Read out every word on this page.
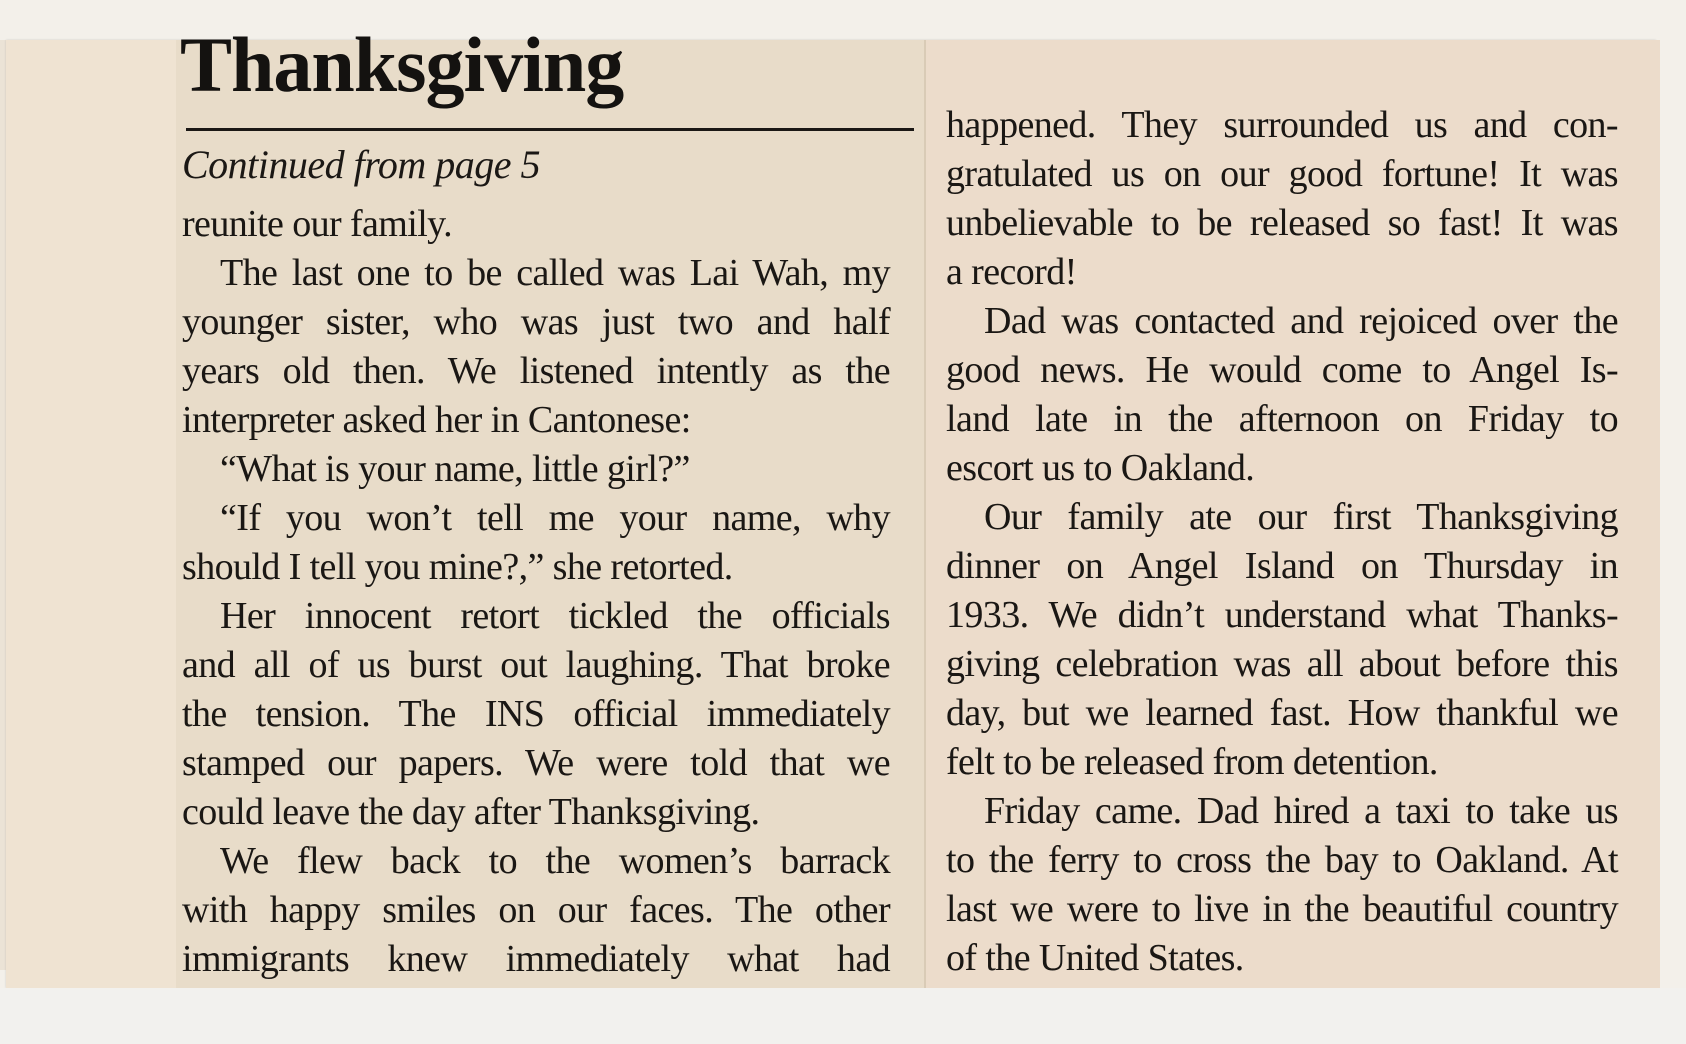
Thanksgiving
Continued from page 5
reunite our family.
The last one to be called was Lai Wah, my
younger sister, who was just two and half
years old then. We listened intently as the
interpreter asked her in Cantonese:
“What is your name, little girl?”
“If you won’t tell me your name, why
should I tell you mine?,” she retorted.
Her innocent retort tickled the officials
and all of us burst out laughing. That broke
the tension. The INS official immediately
stamped our papers. We were told that we
could leave the day after Thanksgiving.
We flew back to the women’s barrack
with happy smiles on our faces. The other
immigrants knew immediately what had
happened. They surrounded us and con-
gratulated us on our good fortune! It was
unbelievable to be released so fast! It was
a record!
Dad was contacted and rejoiced over the
good news. He would come to Angel Is-
land late in the afternoon on Friday to
escort us to Oakland.
Our family ate our first Thanksgiving
dinner on Angel Island on Thursday in
1933. We didn’t understand what Thanks-
giving celebration was all about before this
day, but we learned fast. How thankful we
felt to be released from detention.
Friday came. Dad hired a taxi to take us
to the ferry to cross the bay to Oakland. At
last we were to live in the beautiful country
of the United States.
